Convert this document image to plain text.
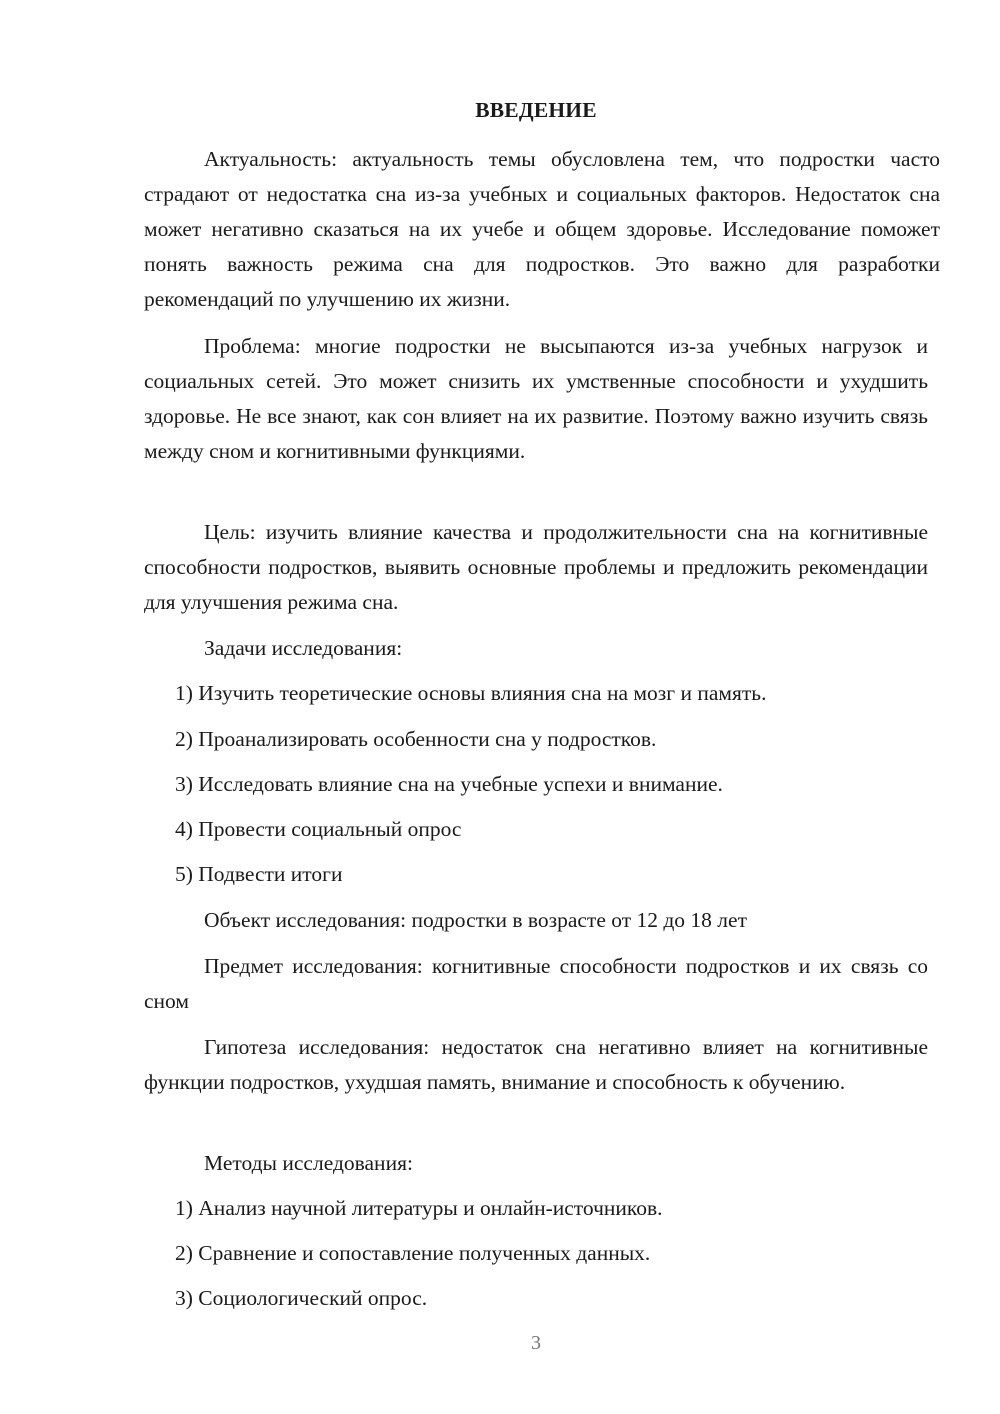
ВВЕДЕНИЕ

Актуальность: актуальность темы обусловлена тем, что подростки часто страдают от недостатка сна из-за учебных и социальных факторов. Недостаток сна может негативно сказаться на их учебе и общем здоровье. Исследование поможет понять важность режима сна для подростков. Это важно для разработки рекомендаций по улучшению их жизни.

Проблема: многие подростки не высыпаются из-за учебных нагрузок и социальных сетей. Это может снизить их умственные способности и ухудшить здоровье. Не все знают, как сон влияет на их развитие. Поэтому важно изучить связь между сном и когнитивными функциями.

Цель: изучить влияние качества и продолжительности сна на когнитивные способности подростков, выявить основные проблемы и предложить рекомендации для улучшения режима сна.

Задачи исследования:

1) Изучить теоретические основы влияния сна на мозг и память.

2) Проанализировать особенности сна у подростков.

3) Исследовать влияние сна на учебные успехи и внимание.

4) Провести социальный опрос

5) Подвести итоги

Объект исследования: подростки в возрасте от 12 до 18 лет

Предмет исследования: когнитивные способности подростков и их связь со сном

Гипотеза исследования: недостаток сна негативно влияет на когнитивные функции подростков, ухудшая память, внимание и способность к обучению.

Методы исследования:

1) Анализ научной литературы и онлайн-источников.

2) Сравнение и сопоставление полученных данных.

3) Социологический опрос.

3
